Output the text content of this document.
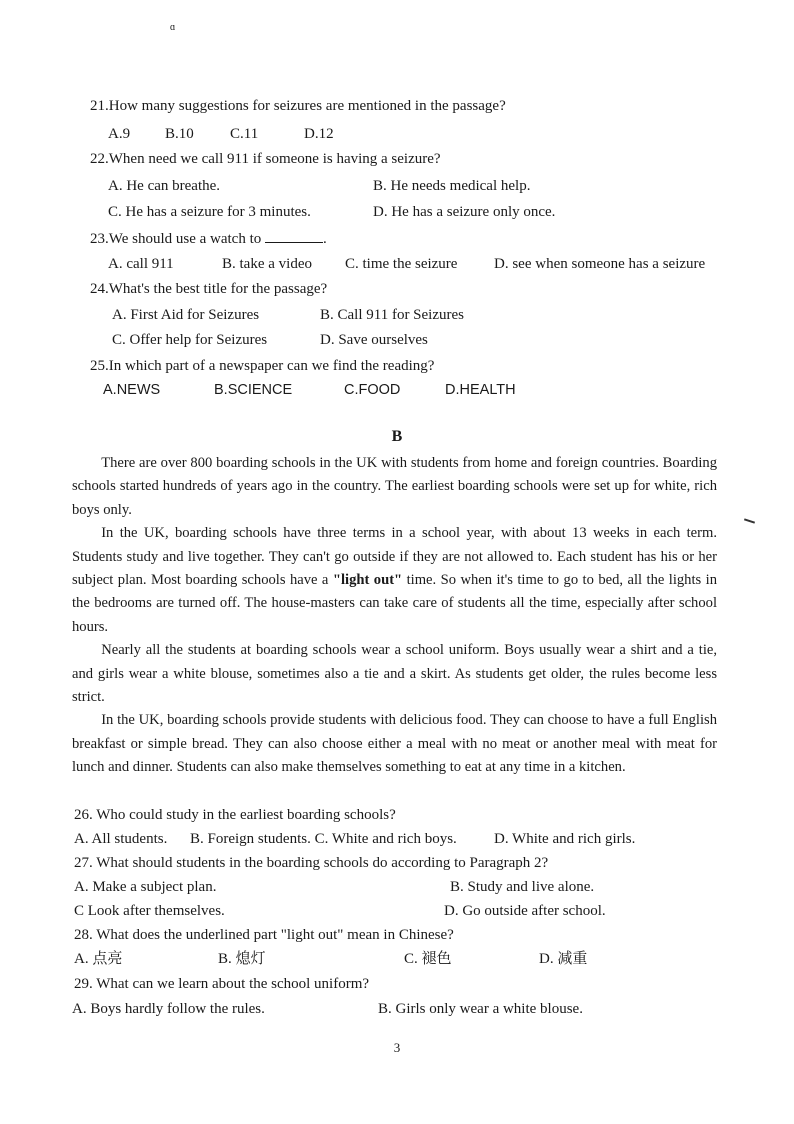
ɑ
21.How many suggestions for seizures are mentioned in the passage?
A.9 B.10 C.11	D.12
22.When need we call 911 if someone is having a seizure?
A. He can breathe.	B. He needs medical help.
C. He has a seizure for 3 minutes.	D. He has a seizure only once.
23.We should use a watch to	.
A. call 911	B. take a video C. time the seizure D. see when someone has a seizure
24.What's the best title for the passage?
A. First Aid for Seizures	B. Call 911 for Seizures
C. Offer help for Seizures	D. Save ourselves
25.In which part of a newspaper can we find the reading?
A.NEWS	B.SCIENCE	C.FOOD	D.HEALTH
B

There are over 800 boarding schools in the UK with students from home and foreign countries. Boarding schools started hundreds of years ago in the country. The earliest boarding schools were set up for white, rich boys only.

In the UK, boarding schools have three terms in a school year, with about 13 weeks in each term. Students study and live together. They can't go outside if they are not allowed to. Each student has his or her subject plan. Most boarding schools have a "light out" time. So when it's time to go to bed, all the lights in the bedrooms are turned off. The house-masters can take care of students all the time, especially after school hours.

Nearly all the students at boarding schools wear a school uniform. Boys usually wear a shirt and a tie, and girls wear a white blouse, sometimes also a tie and a skirt. As students get older, the rules become less strict.

In the UK, boarding schools provide students with delicious food. They can choose to have a full English breakfast or simple bread. They can also choose either a meal with no meat or another meal with meat for lunch and dinner. Students can also make themselves something to eat at any time in a kitchen.

26. Who could study in the earliest boarding schools?
A. All students. B. Foreign students. C. White and rich boys. D. White and rich girls.
27. What should students in the boarding schools do according to Paragraph 2?
A. Make a subject plan.	B. Study and live alone.
C Look after themselves.	D. Go outside after school.
28. What does the underlined part "light out" mean in Chinese?
A. 点亮	B. 熄灯	C. 褪色	D. 减重
29. What can we learn about the school uniform?
A. Boys hardly follow the rules.	B. Girls only wear a white blouse.
3
